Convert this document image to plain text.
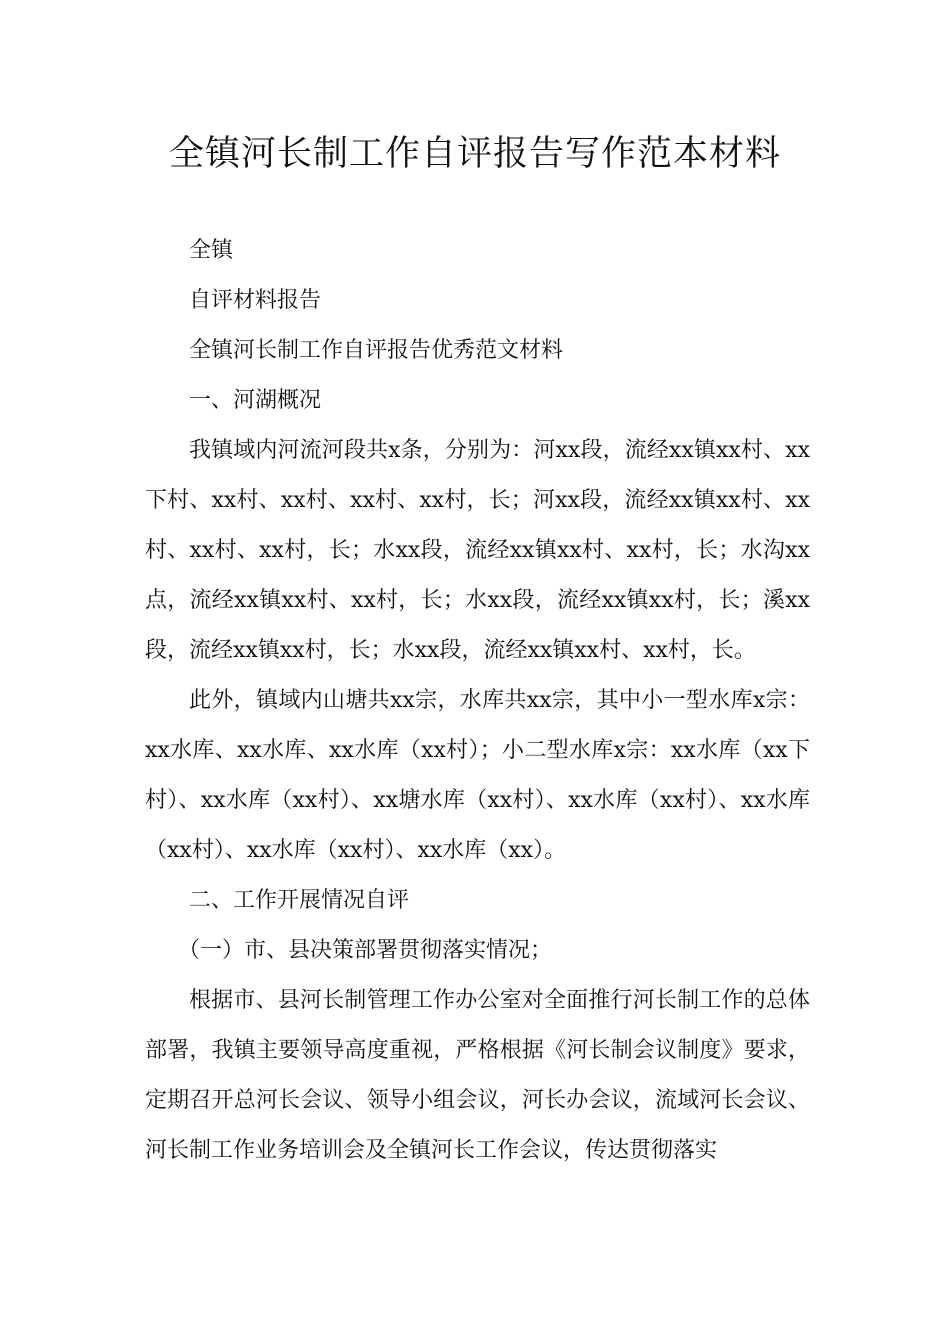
全镇河长制工作自评报告写作范本材料

全镇

自评材料报告

全镇河长制工作自评报告优秀范文材料

一、河湖概况

我镇域内河流河段共x条，分别为：河xx段，流经xx镇xx村、xx下村、xx村、xx村、xx村、xx村，长；河xx段，流经xx镇xx村、xx村、xx村、xx村，长；水xx段，流经xx镇xx村、xx村，长；水沟xx点，流经xx镇xx村、xx村，长；水xx段，流经xx镇xx村，长；溪xx段，流经xx镇xx村，长；水xx段，流经xx镇xx村、xx村，长。

此外，镇域内山塘共xx宗，水库共xx宗，其中小一型水库x宗：xx水库、xx水库、xx水库（xx村）；小二型水库x宗：xx水库（xx下村）、xx水库（xx村）、xx塘水库（xx村）、xx水库（xx村）、xx水库（xx村）、xx水库（xx村）、xx水库（xx）。

二、工作开展情况自评

（一）市、县决策部署贯彻落实情况；

根据市、县河长制管理工作办公室对全面推行河长制工作的总体部署，我镇主要领导高度重视，严格根据《河长制会议制度》要求，定期召开总河长会议、领导小组会议，河长办会议，流域河长会议、河长制工作业务培训会及全镇河长工作会议，传达贯彻落实
